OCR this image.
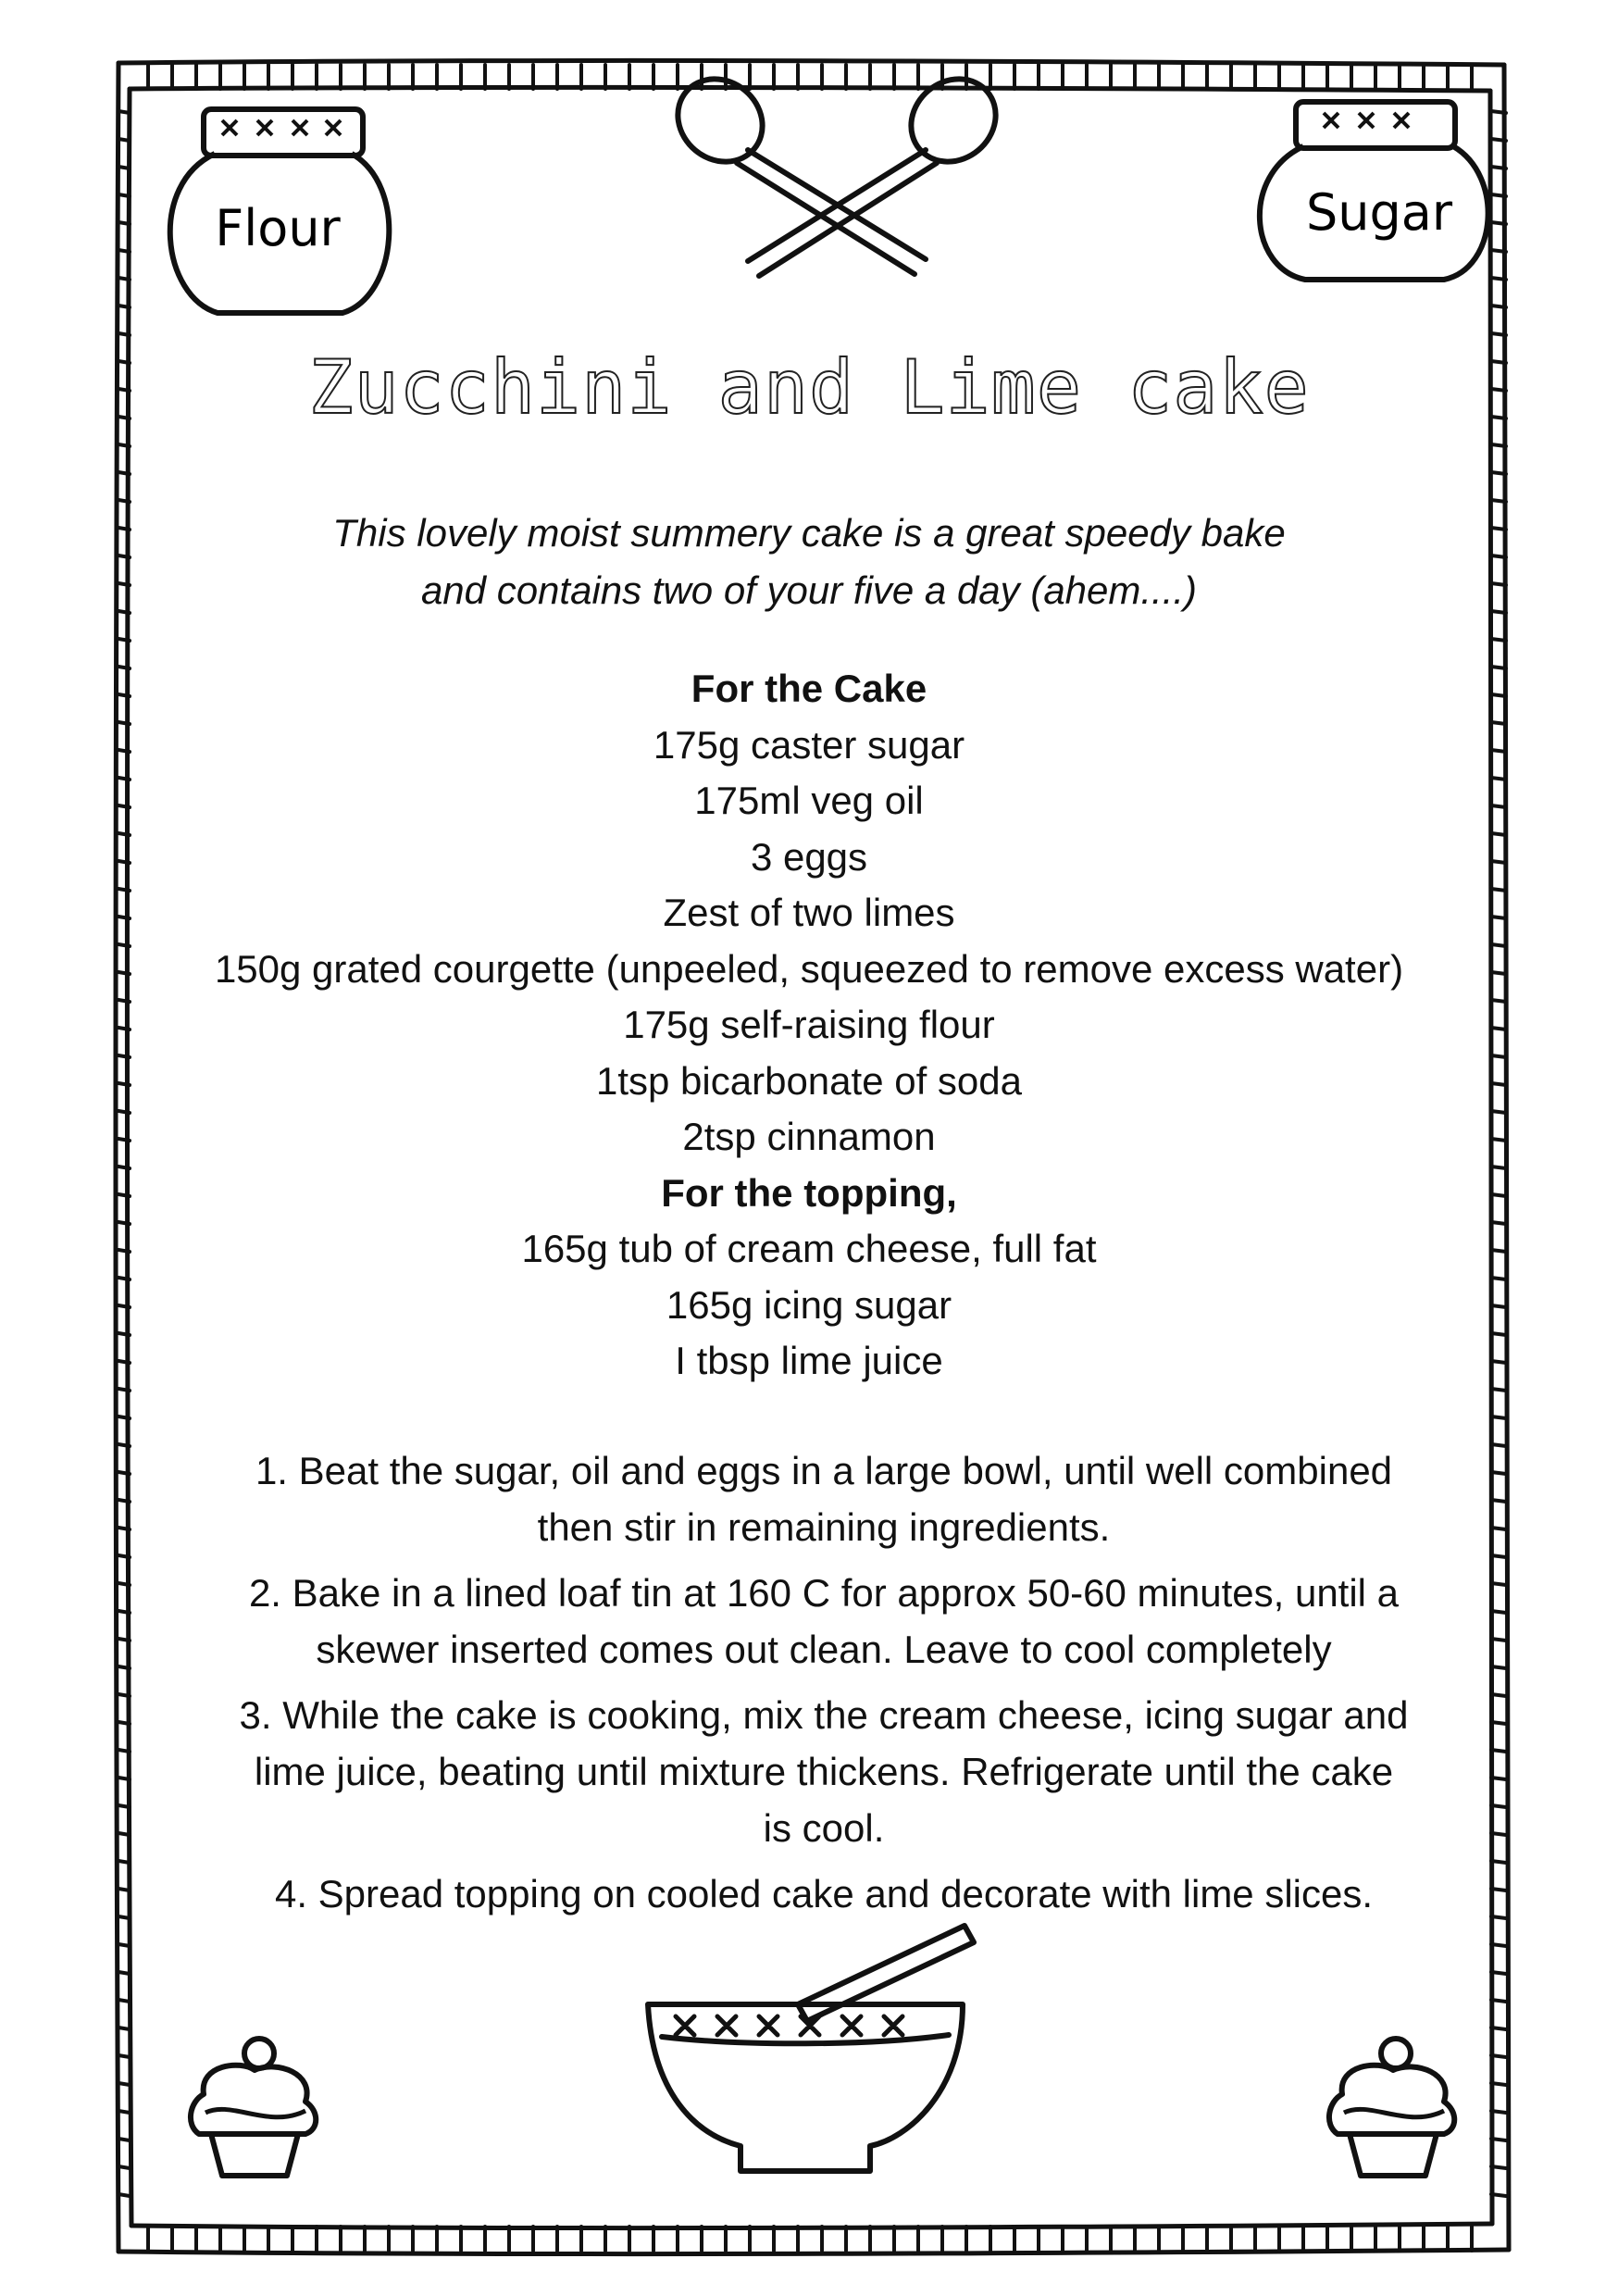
Flour	Sugar
Zucchini and Lime cake
This lovely moist summery cake is a great speedy bake
and contains two of your five a day (ahem....)
For the Cake
175g caster sugar
175ml veg oil
3 eggs
Zest of two limes
150g grated courgette (unpeeled, squeezed to remove excess water)
175g self-raising flour
1tsp bicarbonate of soda
2tsp cinnamon
For the topping,
165g tub of cream cheese, full fat
165g icing sugar
I tbsp lime juice
1. Beat the sugar, oil and eggs in a large bowl, until well combined
then stir in remaining ingredients.
2. Bake in a lined loaf tin at 160 C for approx 50-60 minutes, until a
skewer inserted comes out clean. Leave to cool completely
3. While the cake is cooking, mix the cream cheese, icing sugar and
lime juice, beating until mixture thickens. Refrigerate until the cake
is cool.
4. Spread topping on cooled cake and decorate with lime slices.
